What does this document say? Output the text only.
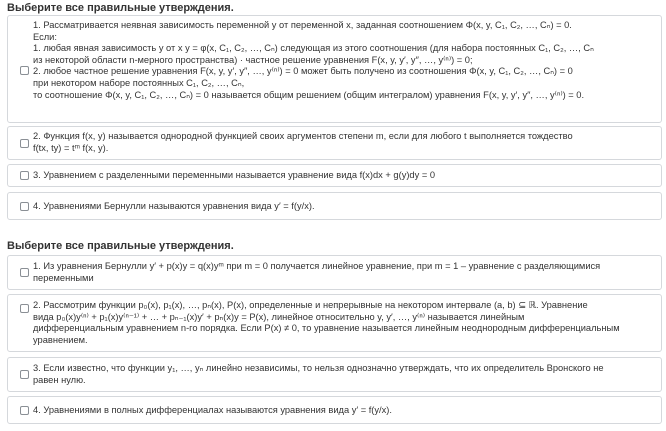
Выберите все правильные утверждения.
1. Рассматривается неявная зависимость переменной y от переменной x, заданная соотношением Φ(x, y, C₁, C₂, …, Cₙ) = 0.
Если:
1. любая явная зависимость y от x y = φ(x, C₁, C₂, …, Cₙ) следующая из этого соотношения (для набора постоянных C₁, C₂, …, Cₙ
из некоторой области n-мерного пространства) · частное решение уравнения F(x, y, y′, y″, …, y⁽ⁿ⁾) = 0;
2. любое частное решение уравнения F(x, y, y′, y″, …, y⁽ⁿ⁾) = 0 может быть получено из соотношения Φ(x, y, C₁, C₂, …, Cₙ) = 0
при некотором наборе постоянных C₁, C₂, …, Cₙ,
то соотношение Φ(x, y, C₁, C₂, …, Cₙ) = 0 называется общим решением (общим интегралом) уравнения F(x, y, y′, y″, …, y⁽ⁿ⁾) = 0.
2. Функция f(x, y) называется однородной функцией своих аргументов степени m, если для любого t выполняется тождество
f(tx, ty) = tᵐ f(x, y).
3. Уравнением с разделенными переменными называется уравнение вида f(x)dx + g(y)dy = 0
4. Уравнениями Бернулли называются уравнения вида y′ = f(y/x).
Выберите все правильные утверждения.
1. Из уравнения Бернулли y′ + p(x)y = q(x)yᵐ при m = 0 получается линейное уравнение, при m = 1 – уравнение с разделяющимися
переменными
2. Рассмотрим функции p₀(x), p₁(x), …, pₙ(x), P(x), определенные и непрерывные на некотором интервале (a, b) ⊆ ℝ. Уравнение
вида p₀(x)y⁽ⁿ⁾ + p₁(x)y⁽ⁿ⁻¹⁾ + … + pₙ₋₁(x)y′ + pₙ(x)y = P(x), линейное относительно y, y′, …, y⁽ⁿ⁾ называется линейным
дифференциальным уравнением n-го порядка. Если P(x) ≠ 0, то уравнение называется линейным неоднородным дифференциальным
уравнением.
3. Если известно, что функции y₁, …, yₙ линейно независимы, то нельзя однозначно утверждать, что их определитель Вронского не
равен нулю.
4. Уравнениями в полных дифференциалах называются уравнения вида y′ = f(y/x).
